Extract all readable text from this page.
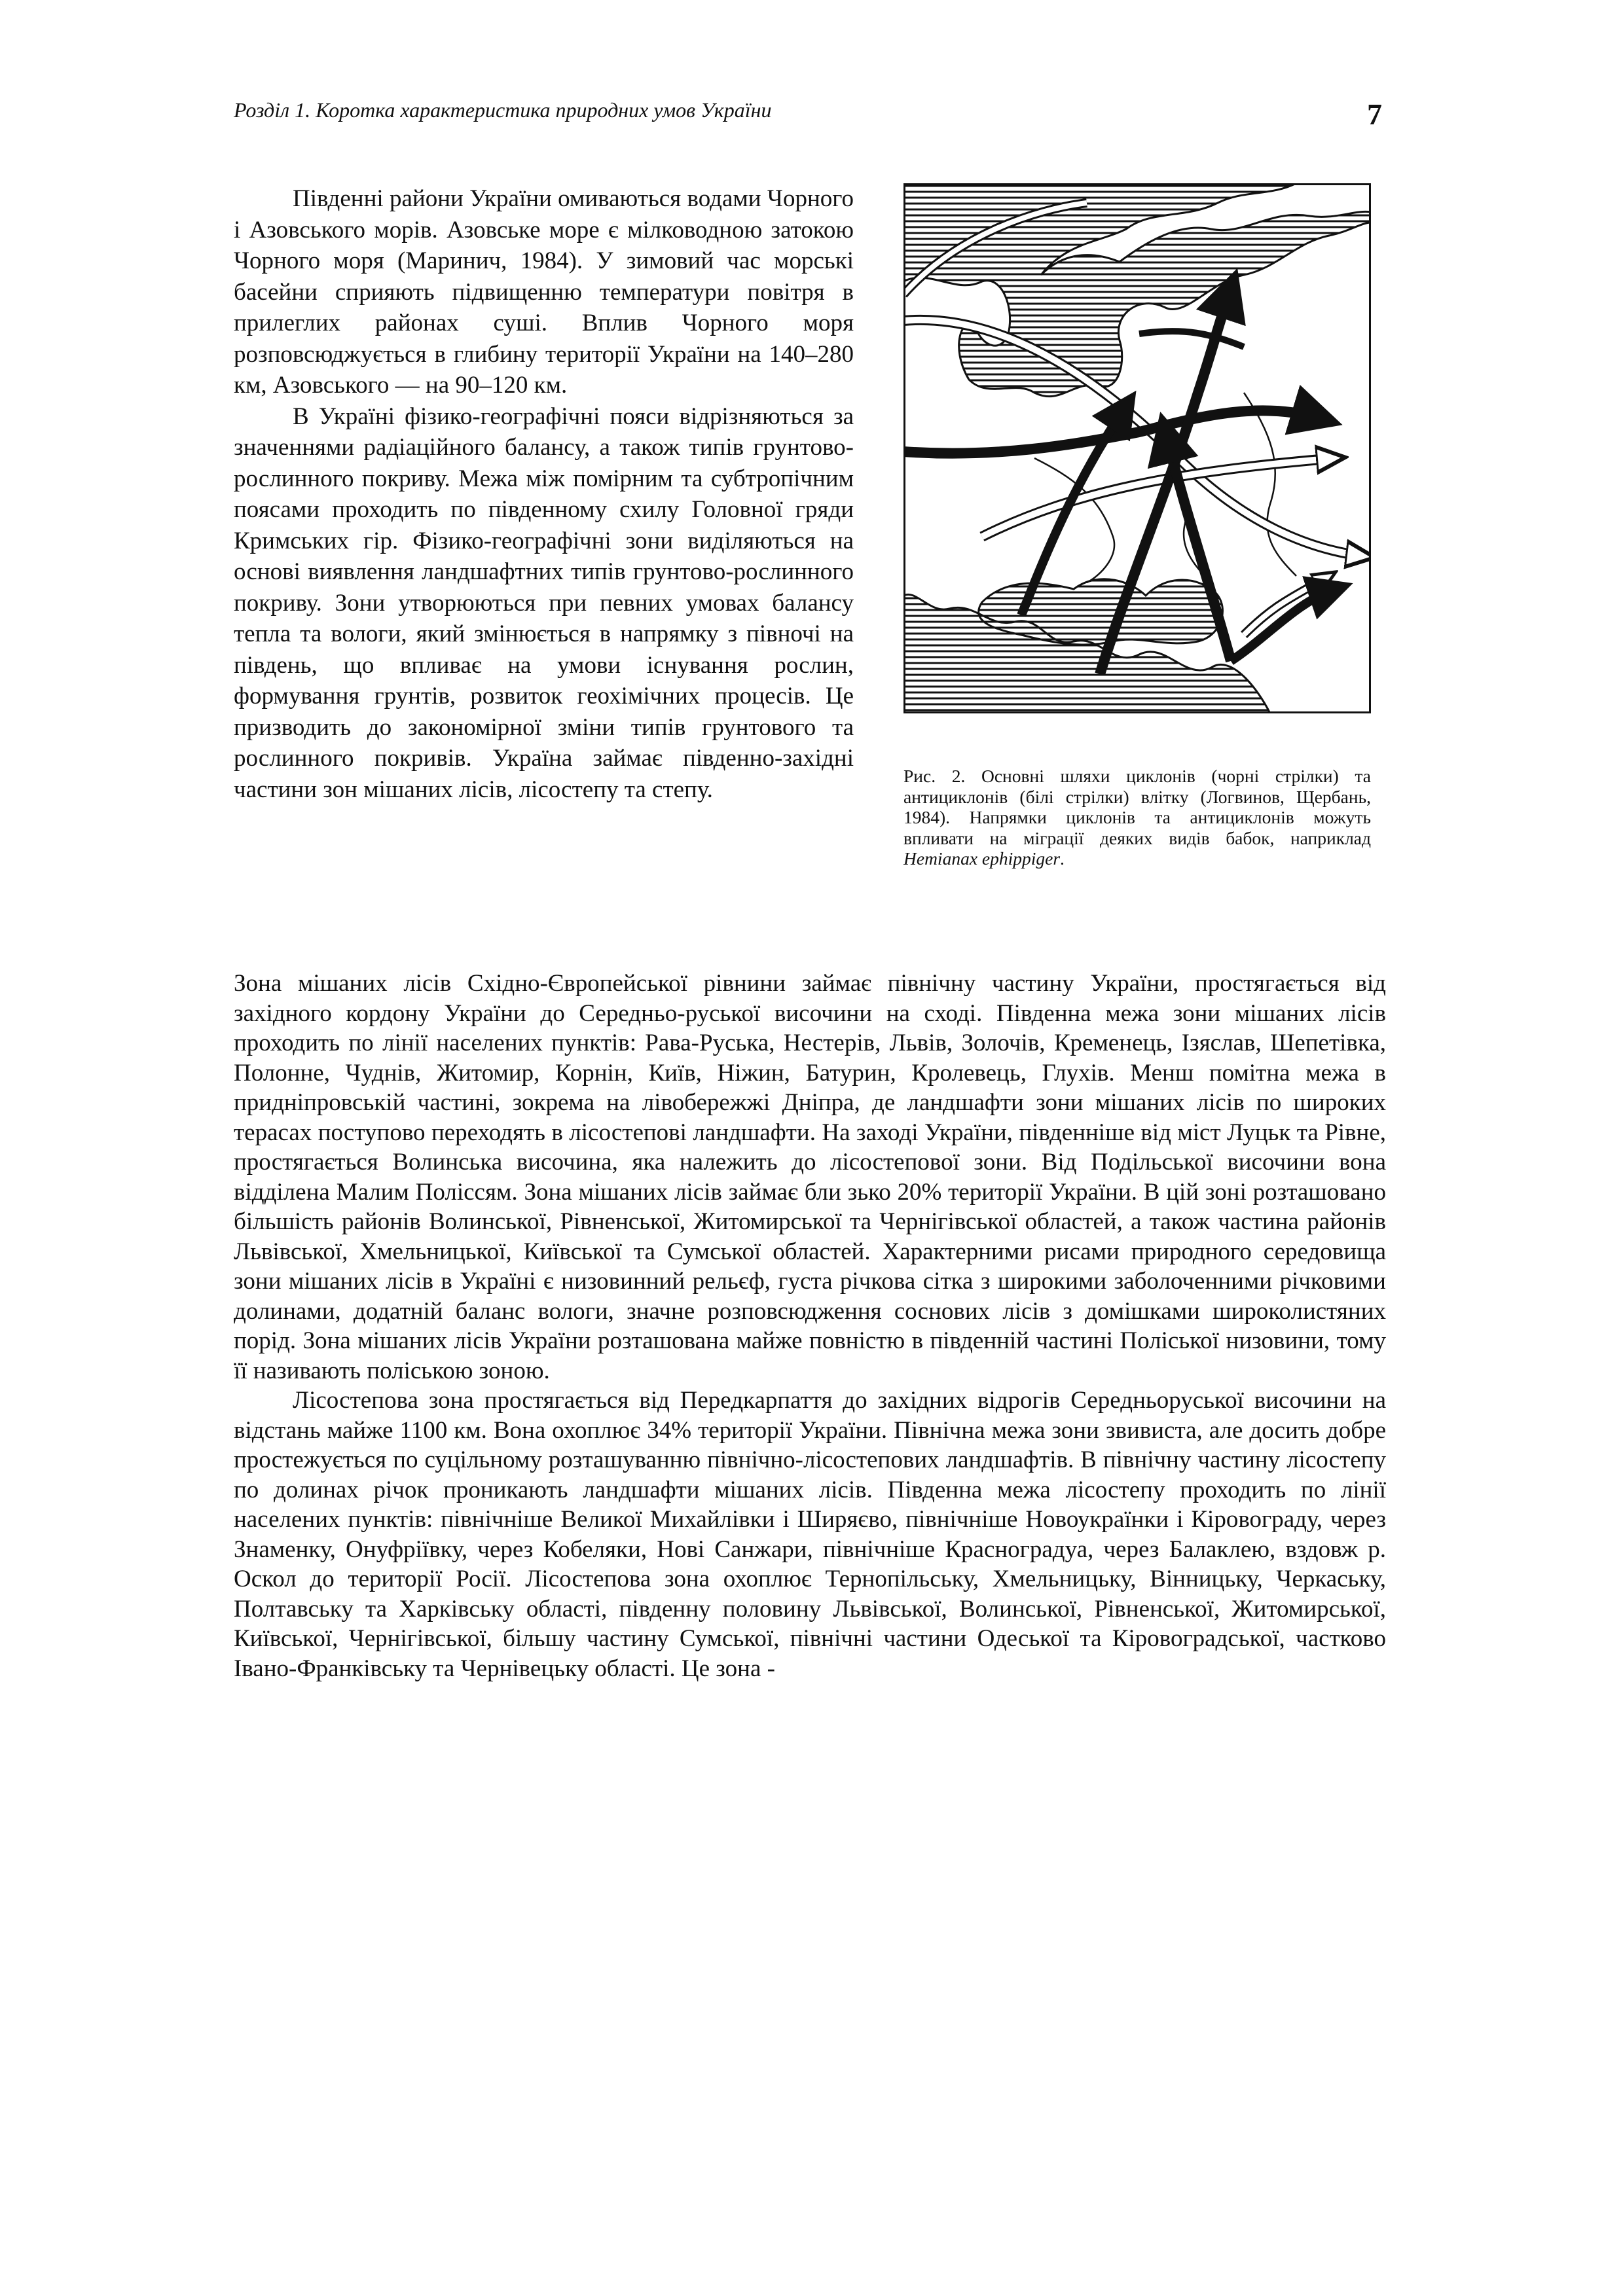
Розділ 1. Коротка характеристика природних умов України	7

Південні райони України омиваються водами Чорного і Азовського морів. Азовське море є мілководною затокою Чорного моря (Маринич, 1984). У зимовий час морські басейни сприяють підвищенню температури повітря в прилеглих районах суші. Вплив Чорного моря розповсюджується в глибину території України на 140–280 км, Азовського — на 90–120 км.

В Україні фізико-географічні пояси відрізняються за значеннями радіаційного балансу, а також типів грунтово-рослинного покриву. Межа між помірним та субтропічним поясами проходить по південному схилу Головної гряди Кримських гір. Фізико-географічні зони виділяються на основі виявлення ландшафтних типів грунтово-рослинного покриву. Зони утворюються при певних умовах балансу тепла та вологи, який змінюється в напрямку з півночі на південь, що впливає на умови існування рослин, формування грунтів, розвиток геохімічних процесів. Це призводить до закономірної зміни типів грунтового та рослинного покривів. Україна займає південно-західні частини зон мішаних лісів, лісостепу та степу.	Рис. 2. Основні шляхи циклонів (чорні стрілки) та антициклонів (білі стрілки) влітку (Логвинов, Щербань, 1984). Напрямки циклонів та антициклонів можуть впливати на міграції деяких видів бабок, наприклад Hemianax ephippiger.

Зона мішаних лісів Східно-Європейської рівнини займає північну частину України, простягається від західного кордону України до Середньо-руської височини на сході. Південна межа зони мішаних лісів проходить по лінії населених пунктів: Рава-Руська, Нестерів, Львів, Золочів, Кременець, Ізяслав, Шепетівка, Полонне, Чуднів, Житомир, Корнін, Київ, Ніжин, Батурин, Кролевець, Глухів. Менш помітна межа в придніпровській частині, зокрема на лівобережжі Дніпра, де ландшафти зони мішаних лісів по широких терасах поступово переходять в лісостепові ландшафти. На заході України, південніше від міст Луцьк та Рівне, простягається Волинська височина, яка належить до лісостепової зони. Від Подільської височини вона відділена Малим Поліссям. Зона мішаних лісів займає бли зько 20% території України. В цій зоні розташовано більшість районів Волинської, Рівненської, Житомирської та Чернігівської областей, а також частина районів Львівської, Хмельницької, Київської та Сумської областей. Характерними рисами природного середовища зони мішаних лісів в Україні є низовинний рельєф, густа річкова сітка з широкими заболоченними річковими долинами, додатній баланс вологи, значне розповсюдження соснових лісів з домішками широколистяних порід. Зона мішаних лісів України розташована майже повністю в південній частині Поліської низовини, тому її називають поліською зоною.

Лісостепова зона простягається від Передкарпаття до західних відрогів Середньоруської височини на відстань майже 1100 км. Вона охоплює 34% території України. Північна межа зони звивиста, але досить добре простежується по суцільному розташуванню північно-лісостепових ландшафтів. В північну частину лісостепу по долинах річок проникають ландшафти мішаних лісів. Південна межа лісостепу проходить по лінії населених пунктів: північніше Великої Михайлівки і Ширяєво, північніше Новоукраїнки і Кіровограду, через Знаменку, Онуфріївку, через Кобеляки, Нові Санжари, північніше Красноградуа, через Балаклею, вздовж р. Оскол до території Росії. Лісостепова зона охоплює Тернопільську, Хмельницьку, Вінницьку, Черкаську, Полтавську та Харківську області, південну половину Львівської, Волинської, Рівненської, Житомирської, Київської, Чернігівської, більшу частину Сумської, північні частини Одеської та Кіровоградської, частково Івано-Франківську та Чернівецьку області. Це зона -
